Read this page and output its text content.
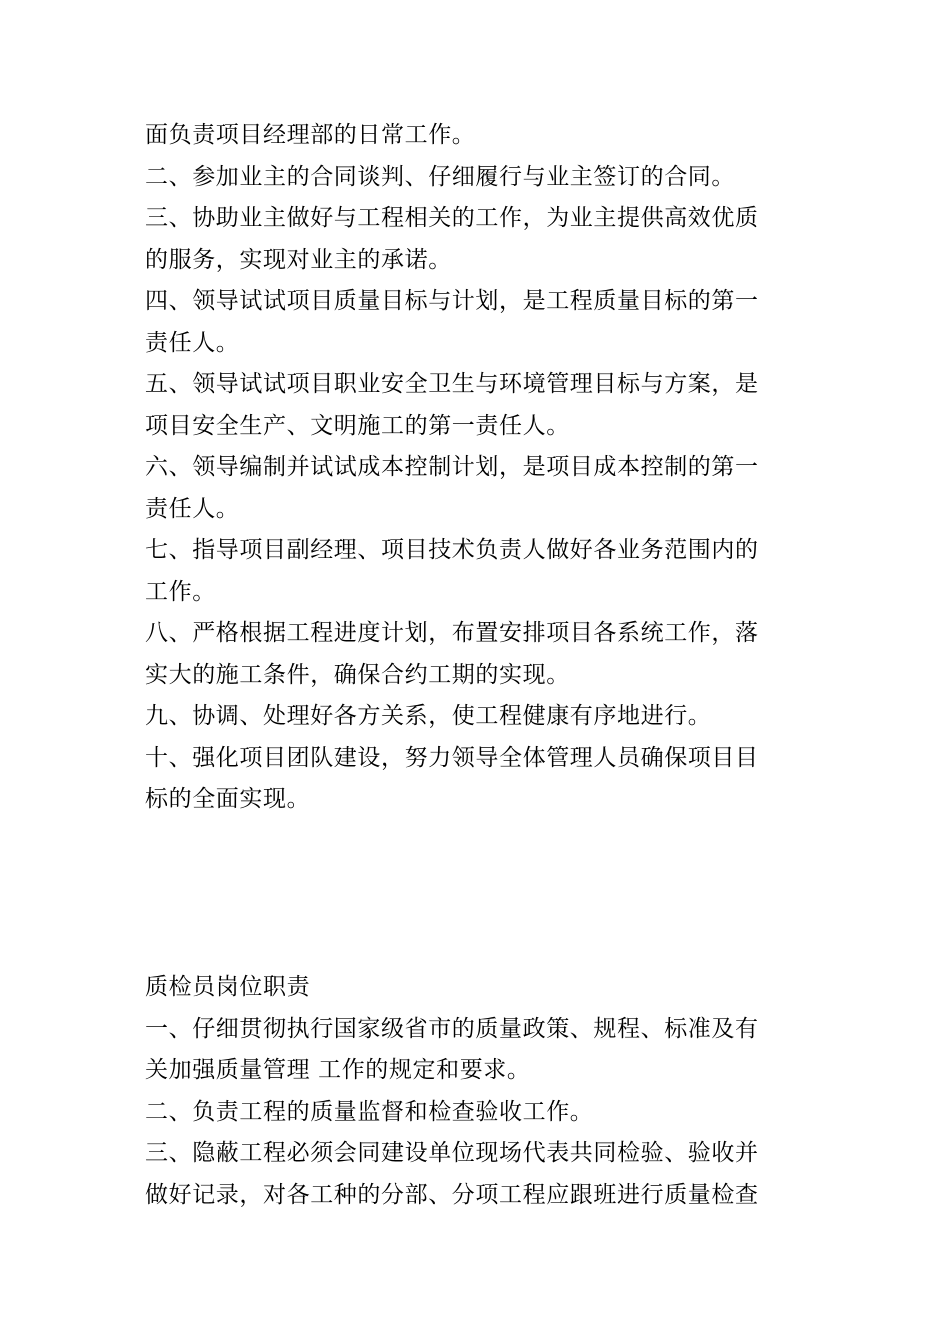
面负责项目经理部的日常工作。
二、参加业主的合同谈判、仔细履行与业主签订的合同。
三、协助业主做好与工程相关的工作，为业主提供高效优质
的服务，实现对业主的承诺。
四、领导试试项目质量目标与计划，是工程质量目标的第一
责任人。
五、领导试试项目职业安全卫生与环境管理目标与方案，是
项目安全生产、文明施工的第一责任人。
六、领导编制并试试成本控制计划，是项目成本控制的第一
责任人。
七、指导项目副经理、项目技术负责人做好各业务范围内的
工作。
八、严格根据工程进度计划，布置安排项目各系统工作，落
实大的施工条件，确保合约工期的实现。
九、协调、处理好各方关系，使工程健康有序地进行。
十、强化项目团队建设，努力领导全体管理人员确保项目目
标的全面实现。
质检员岗位职责
一、仔细贯彻执行国家级省市的质量政策、规程、标准及有
关加强质量管理 工作的规定和要求。
二、负责工程的质量监督和检查验收工作。
三、隐蔽工程必须会同建设单位现场代表共同检验、验收并
做好记录，对各工种的分部、分项工程应跟班进行质量检查
